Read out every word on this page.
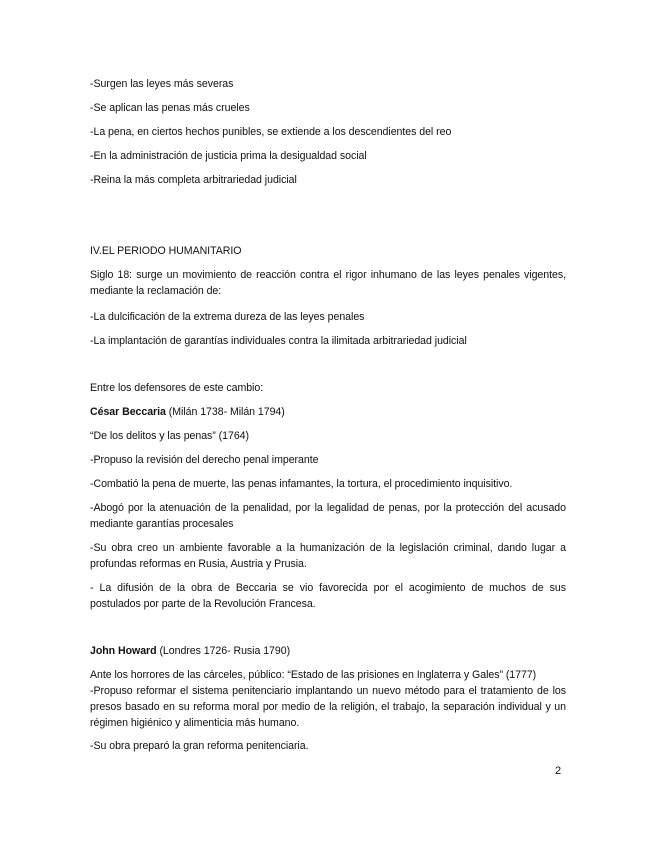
-Surgen las leyes más severas
-Se aplican las penas más crueles
-La pena, en ciertos hechos punibles, se extiende a los descendientes del reo
-En la administración de justicia prima la desigualdad social
-Reina la más completa arbitrariedad judicial
IV.EL PERIODO HUMANITARIO
Siglo 18: surge un movimiento de reacción contra el rigor inhumano de las leyes penales vigentes, mediante la reclamación de:
-La dulcificación de la extrema dureza de las leyes penales
-La implantación de garantías individuales contra la ilimitada arbitrariedad judicial
Entre los defensores de este cambio:
César Beccaria (Milán 1738- Milán 1794)
“De los delitos y las penas” (1764)
-Propuso la revisión del derecho penal imperante
-Combatió la pena de muerte, las penas infamantes, la tortura, el procedimiento inquisitivo.
-Abogó por la atenuación de la penalidad, por la legalidad de penas, por la protección del acusado mediante garantías procesales
-Su obra creo un ambiente favorable a la humanización de la legislación criminal, dando lugar a profundas reformas en Rusia, Austria y Prusia.
- La difusión de la obra de Beccaria se vio favorecida por el acogimiento de muchos de sus postulados por parte de la Revolución Francesa.
John Howard (Londres 1726- Rusia 1790)
Ante los horrores de las cárceles, público: “Estado de las prisiones en Inglaterra y Gales” (1777)
-Propuso reformar el sistema penitenciario implantando un nuevo método para el tratamiento de los presos basado en su reforma moral por medio de la religión, el trabajo, la separación individual y un régimen higiénico y alimenticia más humano.
-Su obra preparó la gran reforma penitenciaria.
2
